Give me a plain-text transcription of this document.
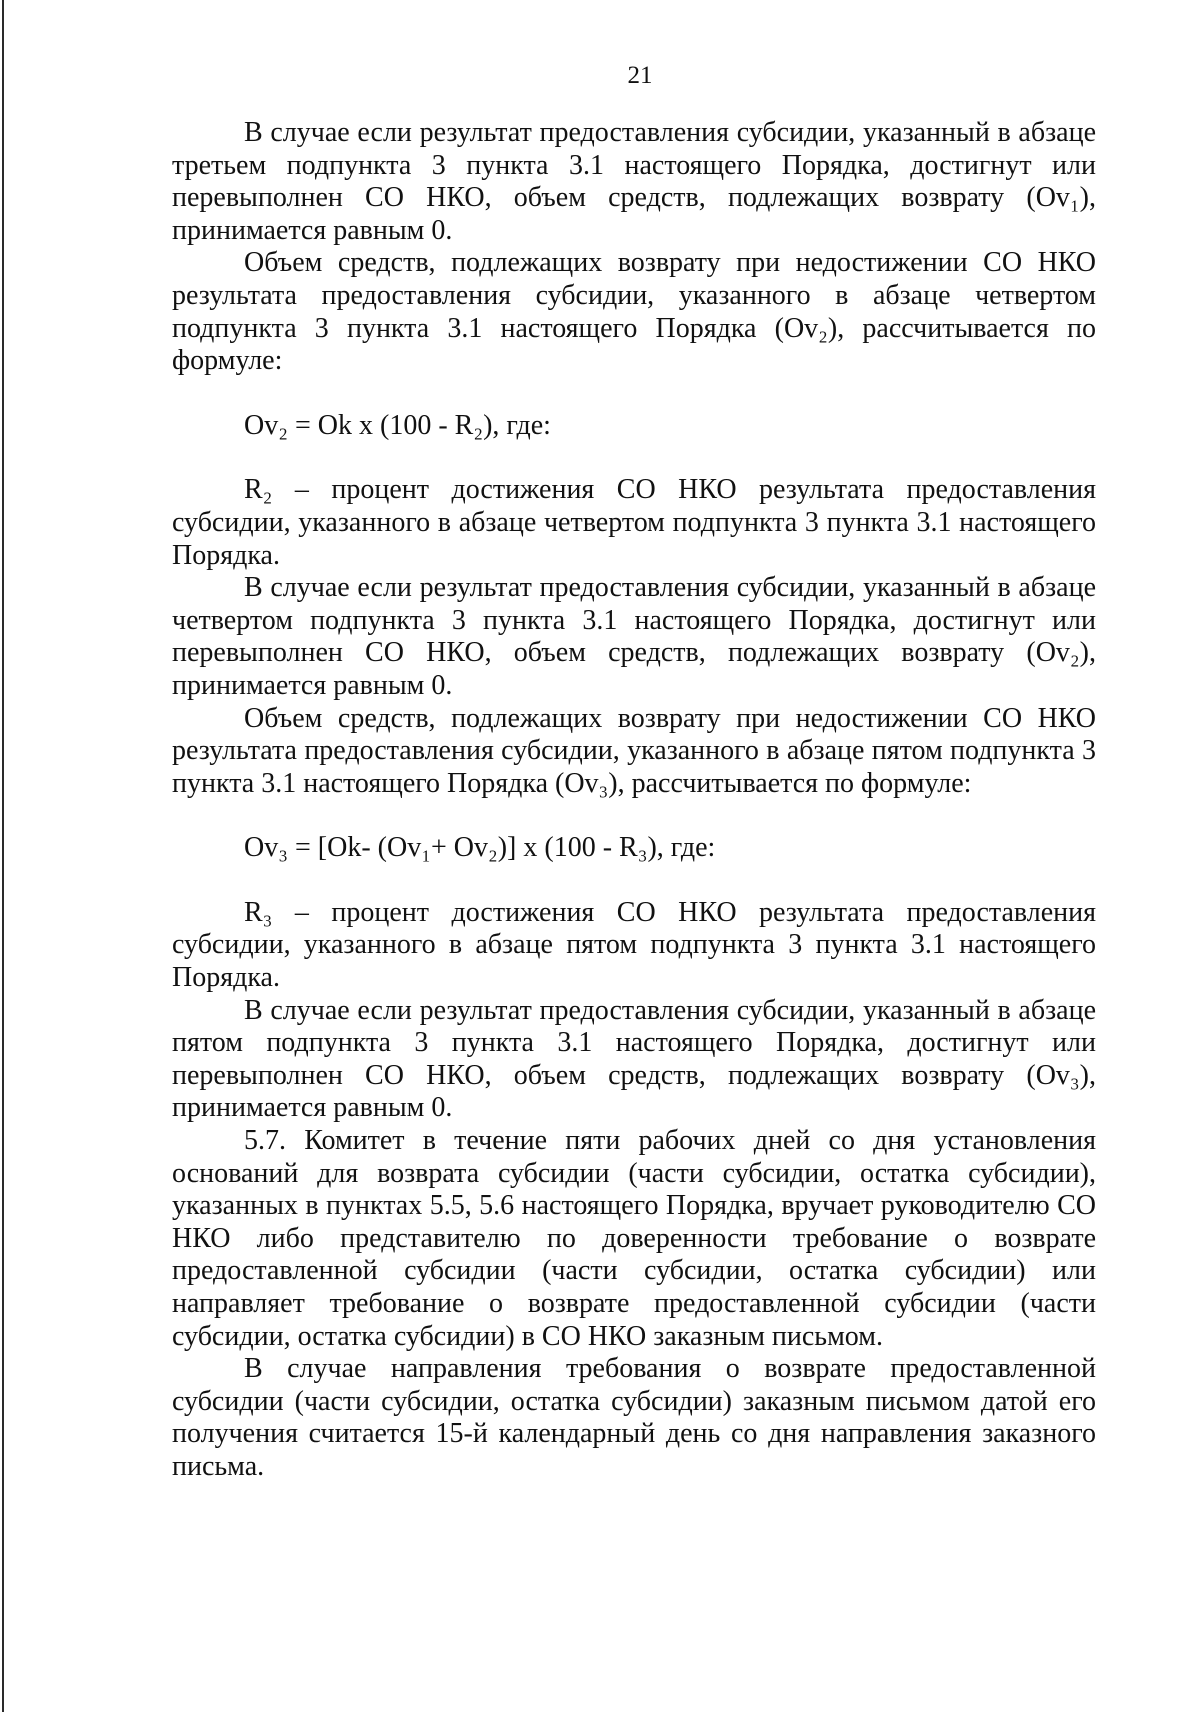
21

В случае если результат предоставления субсидии, указанный в абзаце третьем подпункта 3 пункта 3.1 настоящего Порядка, достигнут или перевыполнен СО НКО, объем средств, подлежащих возврату (Ov₁), принимается равным 0.

Объем средств, подлежащих возврату при недостижении СО НКО результата предоставления субсидии, указанного в абзаце четвертом подпункта 3 пункта 3.1 настоящего Порядка (Ov₂), рассчитывается по формуле:

Ov₂ = Ok x (100 - R₂), где:

R₂ – процент достижения СО НКО результата предоставления субсидии, указанного в абзаце четвертом подпункта 3 пункта 3.1 настоящего Порядка.

В случае если результат предоставления субсидии, указанный в абзаце четвертом подпункта 3 пункта 3.1 настоящего Порядка, достигнут или перевыполнен СО НКО, объем средств, подлежащих возврату (Ov₂), принимается равным 0.

Объем средств, подлежащих возврату при недостижении СО НКО результата предоставления субсидии, указанного в абзаце пятом подпункта 3 пункта 3.1 настоящего Порядка (Ov₃), рассчитывается по формуле:

Ov₃ = [Ok- (Ov₁+ Ov₂)] x (100 - R₃), где:

R₃ – процент достижения СО НКО результата предоставления субсидии, указанного в абзаце пятом подпункта 3 пункта 3.1 настоящего Порядка.

В случае если результат предоставления субсидии, указанный в абзаце пятом подпункта 3 пункта 3.1 настоящего Порядка, достигнут или перевыполнен СО НКО, объем средств, подлежащих возврату (Ov₃), принимается равным 0.

5.7. Комитет в течение пяти рабочих дней со дня установления оснований для возврата субсидии (части субсидии, остатка субсидии), указанных в пунктах 5.5, 5.6 настоящего Порядка, вручает руководителю СО НКО либо представителю по доверенности требование о возврате предоставленной субсидии (части субсидии, остатка субсидии) или направляет требование о возврате предоставленной субсидии (части субсидии, остатка субсидии) в СО НКО заказным письмом.

В случае направления требования о возврате предоставленной субсидии (части субсидии, остатка субсидии) заказным письмом датой его получения считается 15-й календарный день со дня направления заказного письма.
